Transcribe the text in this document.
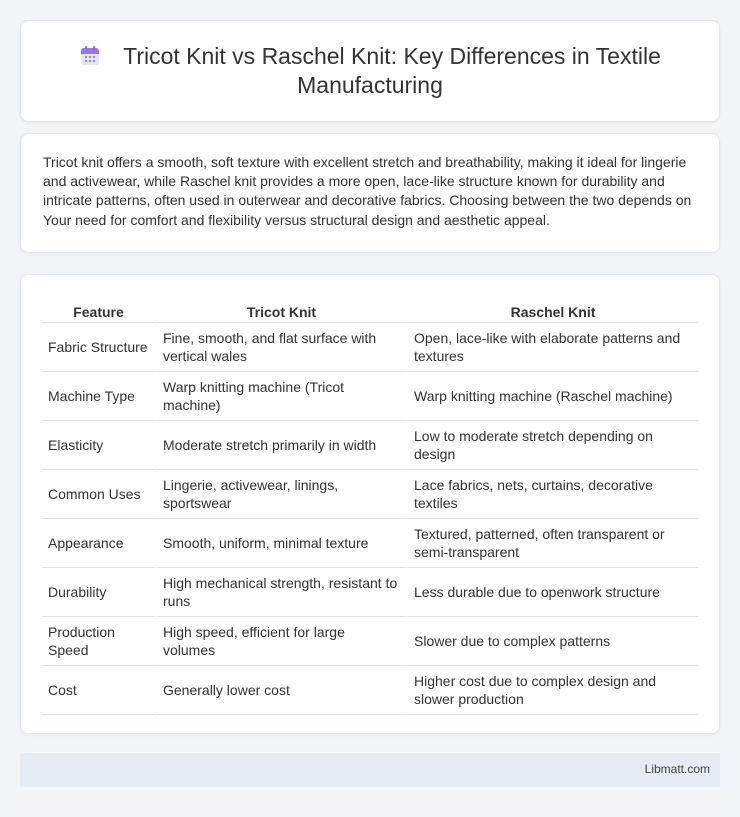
Tricot Knit vs Raschel Knit: Key Differences in Textile
Manufacturing

Tricot knit offers a smooth, soft texture with excellent stretch and breathability, making it ideal for lingerie and activewear, while Raschel knit provides a more open, lace-like structure known for durability and intricate patterns, often used in outerwear and decorative fabrics. Choosing between the two depends on Your need for comfort and flexibility versus structural design and aesthetic appeal.

Feature	Tricot Knit	Raschel Knit
Fabric Structure	Fine, smooth, and flat surface with vertical wales	Open, lace-like with elaborate patterns and textures
Machine Type	Warp knitting machine (Tricot machine)	Warp knitting machine (Raschel machine)
Elasticity	Moderate stretch primarily in width	Low to moderate stretch depending on design
Common Uses	Lingerie, activewear, linings, sportswear	Lace fabrics, nets, curtains, decorative textiles
Appearance	Smooth, uniform, minimal texture	Textured, patterned, often transparent or semi-transparent
Durability	High mechanical strength, resistant to runs	Less durable due to openwork structure
Production Speed	High speed, efficient for large volumes	Slower due to complex patterns
Cost	Generally lower cost	Higher cost due to complex design and slower production
Libmatt.com
